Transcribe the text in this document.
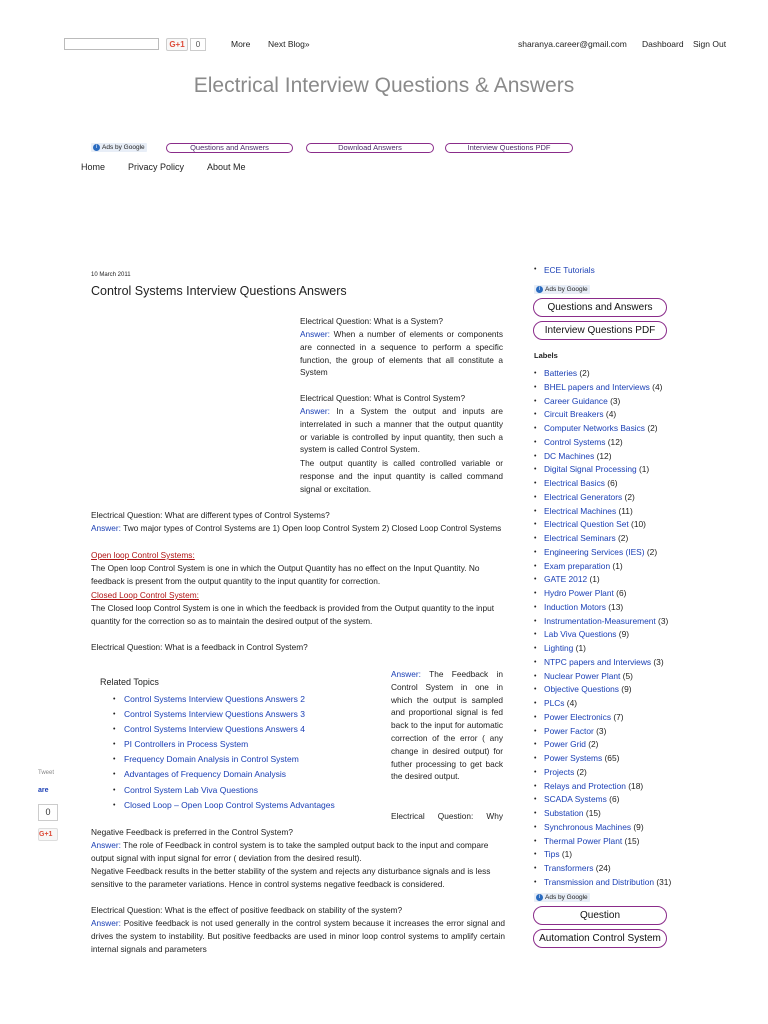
G+1	0	More Next Blog»	sharanya.career@gmail.com Dashboard Sign Out
Electrical Interview Questions & Answers
i Ads by Google	Questions and Answers	Download Answers	Interview Questions PDF
Home	Privacy Policy	About Me
10 March 2011
Control Systems Interview Questions Answers
Electrical Question: What is a System?
Answer: When a number of elements or components are connected in a sequence to perform a specific function, the group of elements that all constitute a System
Electrical Question: What is Control System?
Answer: In a System the output and inputs are interrelated in such a manner that the output quantity or variable is controlled by input quantity, then such a system is called Control System.
The output quantity is called controlled variable or response and the input quantity is called command signal or excitation.
Electrical Question: What are different types of Control Systems?
Answer: Two major types of Control Systems are 1) Open loop Control System 2) Closed Loop Control Systems
Open loop Control Systems:
The Open loop Control System is one in which the Output Quantity has no effect on the Input Quantity. No feedback is present from the output quantity to the input quantity for correction.
Closed Loop Control System:
The Closed loop Control System is one in which the feedback is provided from the Output quantity to the input quantity for the correction so as to maintain the desired output of the system.
Electrical Question: What is a feedback in Control System?
Related Topics
• Control Systems Interview Questions Answers 2
• Control Systems Interview Questions Answers 3
• Control Systems Interview Questions Answers 4
• PI Controllers in Process System
• Frequency Domain Analysis in Control System
• Advantages of Frequency Domain Analysis
• Control System Lab Viva Questions
• Closed Loop – Open Loop Control Systems Advantages
Answer: The Feedback in Control System in one in which the output is sampled and proportional signal is fed back to the input for automatic correction of the error ( any change in desired output) for futher processing to get back the desired output.
Electrical Question: Why
Negative Feedback is preferred in the Control System?
Answer: The role of Feedback in control system is to take the sampled output back to the input and compare output signal with input signal for error ( deviation from the desired result).
Negative Feedback results in the better stability of the system and rejects any disturbance signals and is less sensitive to the parameter variations. Hence in control systems negative feedback is considered.
Electrical Question: What is the effect of positive feedback on stability of the system?
Answer: Positive feedback is not used generally in the control system because it increases the error signal and drives the system to instability. But positive feedbacks are used in minor loop control systems to amplify certain internal signals and parameters
Tweet
are
0
G+1
• ECE Tutorials
i Ads by Google
Questions and Answers
Interview Questions PDF
Labels
• Batteries (2)
• BHEL papers and Interviews (4)
• Career Guidance (3)
• Circuit Breakers (4)
• Computer Networks Basics (2)
• Control Systems (12)
• DC Machines (12)
• Digital Signal Processing (1)
• Electrical Basics (6)
• Electrical Generators (2)
• Electrical Machines (11)
• Electrical Question Set (10)
• Electrical Seminars (2)
• Engineering Services (IES) (2)
• Exam preparation (1)
• GATE 2012 (1)
• Hydro Power Plant (6)
• Induction Motors (13)
• Instrumentation-Measurement (3)
• Lab Viva Questions (9)
• Lighting (1)
• NTPC papers and Interviews (3)
• Nuclear Power Plant (5)
• Objective Questions (9)
• PLCs (4)
• Power Electronics (7)
• Power Factor (3)
• Power Grid (2)
• Power Systems (65)
• Projects (2)
• Relays and Protection (18)
• SCADA Systems (6)
• Substation (15)
• Synchronous Machines (9)
• Thermal Power Plant (15)
• Tips (1)
• Transformers (24)
• Transmission and Distribution (31)
i Ads by Google
Question
Automation Control System
